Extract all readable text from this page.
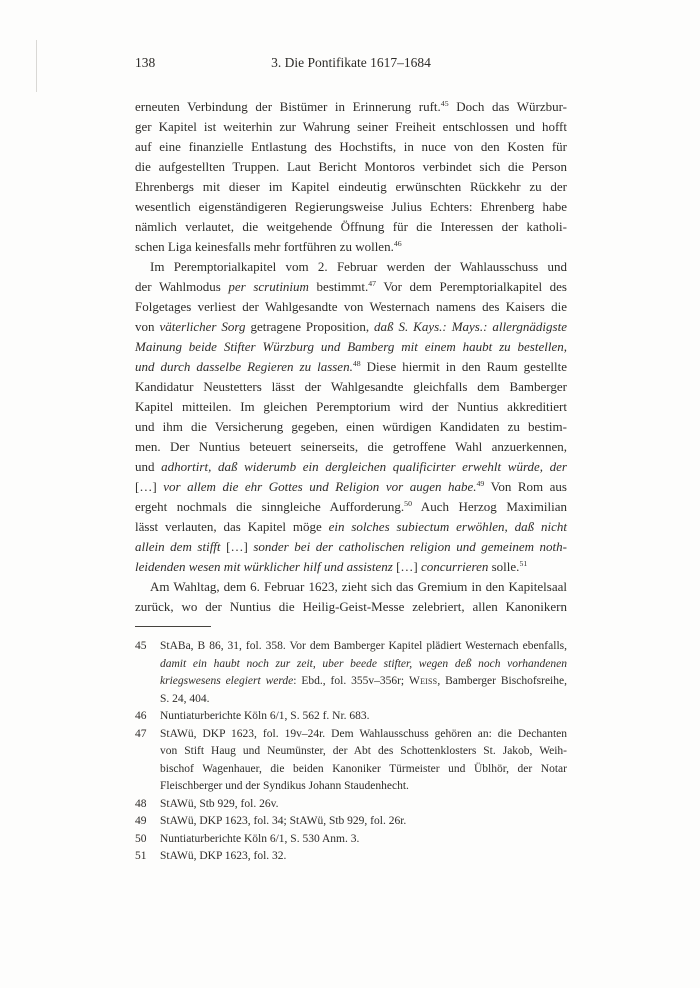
138	3. Die Pontifikate 1617–1684
erneuten Verbindung der Bistümer in Erinnerung ruft.$^{45}$ Doch das Würzbur-
ger Kapitel ist weiterhin zur Wahrung seiner Freiheit entschlossen und hofft
auf eine finanzielle Entlastung des Hochstifts, in nuce von den Kosten für
die aufgestellten Truppen. Laut Bericht Montoros verbindet sich die Person
Ehrenbergs mit dieser im Kapitel eindeutig erwünschten Rückkehr zu der
wesentlich eigenständigeren Regierungsweise Julius Echters: Ehrenberg habe
nämlich verlautet, die weitgehende Öffnung für die Interessen der katholi-
schen Liga keinesfalls mehr fortführen zu wollen.$^{46}$
Im Peremptorialkapitel vom 2. Februar werden der Wahlausschuss und
der Wahlmodus per scrutinium bestimmt.$^{47}$ Vor dem Peremptorialkapitel des
Folgetages verliest der Wahlgesandte von Westernach namens des Kaisers die
von väterlicher Sorg getragene Proposition, daß S. Kays.: Mays.: allergnädigste
Mainung beide Stifter Würzburg und Bamberg mit einem haubt zu bestellen,
und durch dasselbe Regieren zu lassen.$^{48}$ Diese hiermit in den Raum gestellte
Kandidatur Neustetters lässt der Wahlgesandte gleichfalls dem Bamberger
Kapitel mitteilen. Im gleichen Peremptorium wird der Nuntius akkreditiert
und ihm die Versicherung gegeben, einen würdigen Kandidaten zu bestim-
men. Der Nuntius beteuert seinerseits, die getroffene Wahl anzuerkennen,
und adhortirt, daß widerumb ein dergleichen qualificirter erwehlt würde, der
[…] vor allem die ehr Gottes und Religion vor augen habe.$^{49}$ Von Rom aus
ergeht nochmals die sinngleiche Aufforderung.$^{50}$ Auch Herzog Maximilian
lässt verlauten, das Kapitel möge ein solches subiectum erwöhlen, daß nicht
allein dem stifft […] sonder bei der catholischen religion und gemeinem noth-
leidenden wesen mit würklicher hilf und assistenz […] concurrieren solle.$^{51}$
Am Wahltag, dem 6. Februar 1623, zieht sich das Gremium in den Kapitelsaal
zurück, wo der Nuntius die Heilig-Geist-Messe zelebriert, allen Kanonikern
45	StABa, B 86, 31, fol. 358. Vor dem Bamberger Kapitel plädiert Westernach ebenfalls,
damit ein haubt noch zur zeit, uber beede stifter, wegen deß noch vorhandenen
kriegswesens elegiert werde: Ebd., fol. 355v–356r; Weiss, Bamberger Bischofsreihe,
S. 24, 404.
46	Nuntiaturberichte Köln 6/1, S. 562 f. Nr. 683.
47	StAWü, DKP 1623, fol. 19v–24r. Dem Wahlausschuss gehören an: die Dechanten
von Stift Haug und Neumünster, der Abt des Schottenklosters St. Jakob, Weih-
bischof Wagenhauer, die beiden Kanoniker Türmeister und Üblhör, der Notar
Fleischberger und der Syndikus Johann Staudenhecht.
48	StAWü, Stb 929, fol. 26v.
49	StAWü, DKP 1623, fol. 34; StAWü, Stb 929, fol. 26r.
50	Nuntiaturberichte Köln 6/1, S. 530 Anm. 3.
51	StAWü, DKP 1623, fol. 32.
